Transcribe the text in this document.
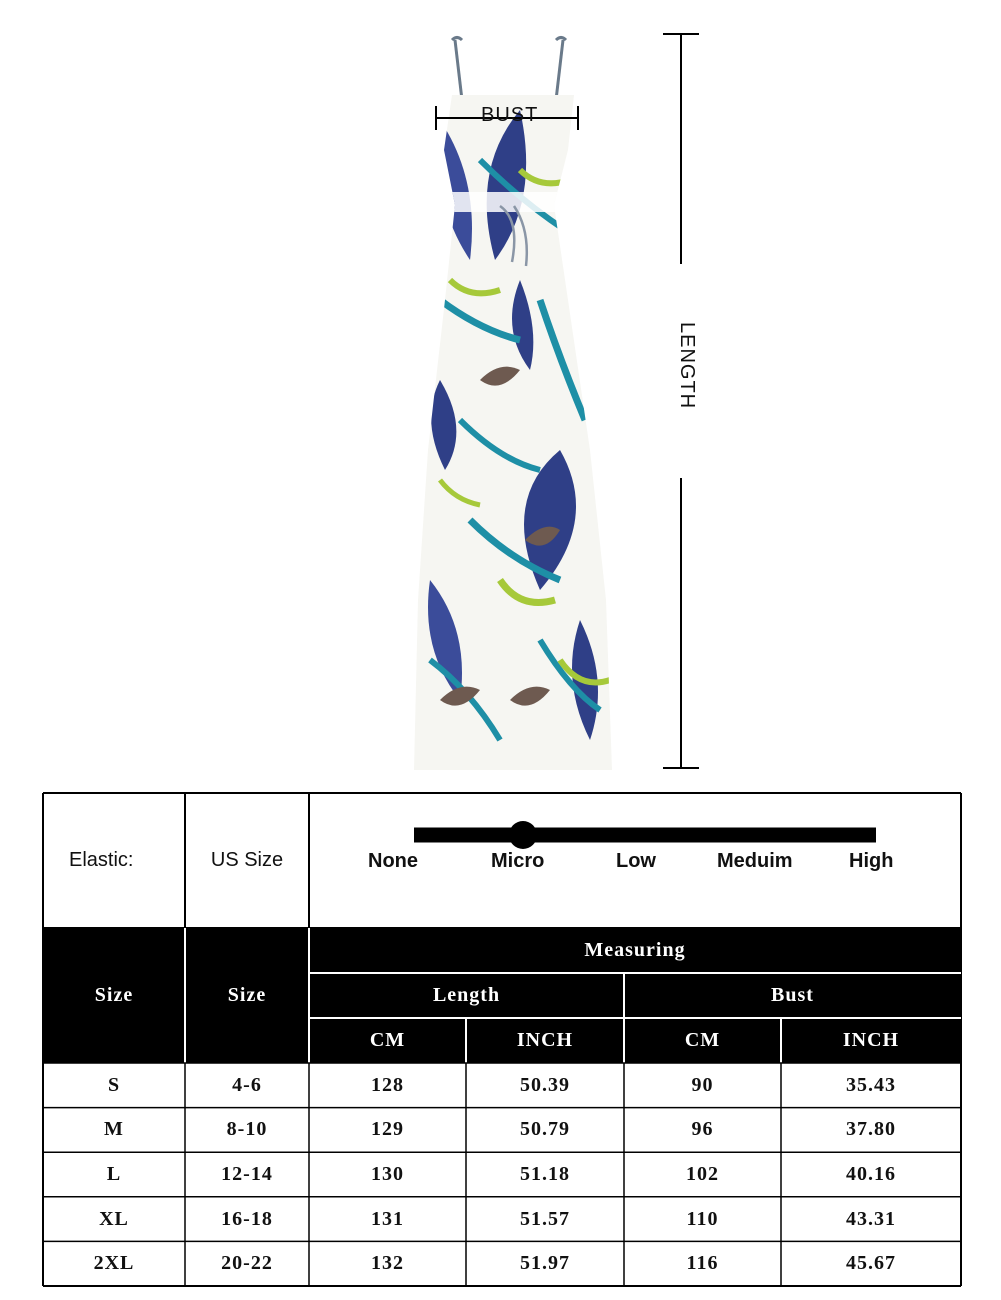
BUST
LENGTH
Elastic:	US Size
Size	Size
Measuring
Length	Bust
CM	INCH	CM	INCH
S	4-6	128	50.39	90	35.43
M	8-10	129	50.79	96	37.80
L	12-14	130	51.18	102	40.16
XL	16-18	131	51.57	110	43.31
2XL	20-22	132	51.97	116	45.67
None	Micro	Low	Meduim	High
